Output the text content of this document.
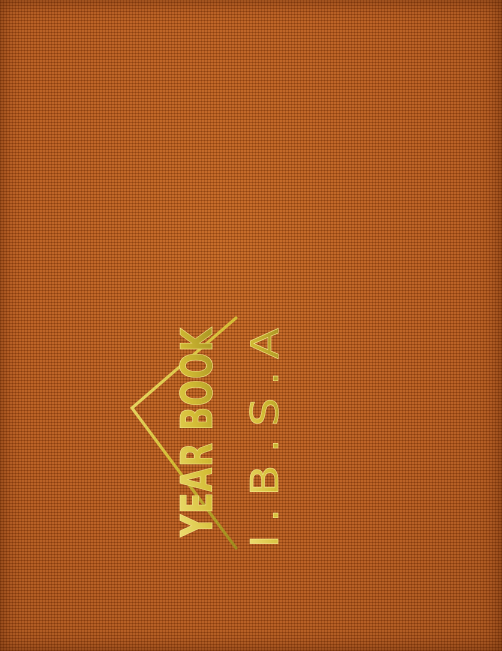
YEAR BOOK I.B.S.A
